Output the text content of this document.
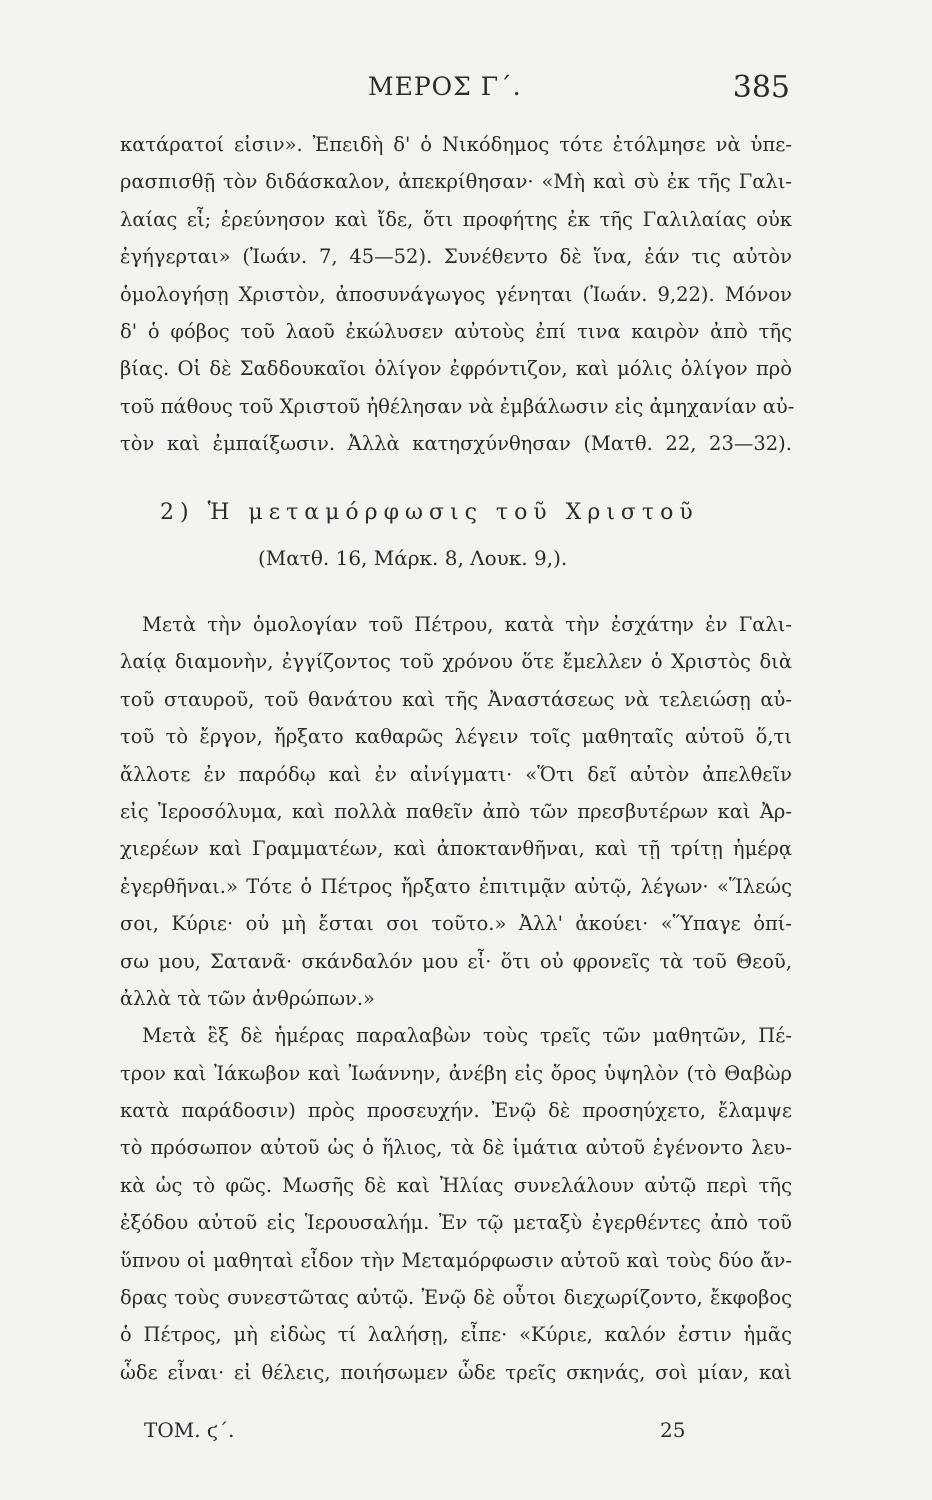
ΜΕΡΟΣ Γ΄.	385
κατάρατοί εἰσιν». Ἐπειδὴ δ' ὁ Νικόδημος τότε ἐτόλμησε νὰ ὑπε-
ρασπισθῇ τὸν διδάσκαλον, ἀπεκρίθησαν· «Μὴ καὶ σὺ ἐκ τῆς Γαλι-
λαίας εἶ; ἐρεύνησον καὶ ἴδε, ὅτι προφήτης ἐκ τῆς Γαλιλαίας οὐκ
ἐγήγερται» (Ἰωάν. 7, 45—52). Συνέθεντο δὲ ἵνα, ἐάν τις αὐτὸν
ὁμολογήσῃ Χριστὸν, ἀποσυνάγωγος γένηται (Ἰωάν. 9,22). Μόνον
δ' ὁ φόβος τοῦ λαοῦ ἐκώλυσεν αὐτοὺς ἐπί τινα καιρὸν ἀπὸ τῆς
βίας. Οἱ δὲ Σαδδουκαῖοι ὀλίγον ἐφρόντιζον, καὶ μόλις ὀλίγον πρὸ
τοῦ πάθους τοῦ Χριστοῦ ἠθέλησαν νὰ ἐμβάλωσιν εἰς ἀμηχανίαν αὐ-
τὸν καὶ ἐμπαίξωσιν. Ἀλλὰ κατησχύνθησαν (Ματθ. 22, 23—32).
2) Ἡ μεταμόρφωσις τοῦ Χριστοῦ
(Ματθ. 16, Μάρκ. 8, Λουκ. 9,).
Μετὰ τὴν ὁμολογίαν τοῦ Πέτρου, κατὰ τὴν ἐσχάτην ἐν Γαλι-
λαίᾳ διαμονὴν, ἐγγίζοντος τοῦ χρόνου ὅτε ἔμελλεν ὁ Χριστὸς διὰ
τοῦ σταυροῦ, τοῦ θανάτου καὶ τῆς Ἀναστάσεως νὰ τελειώσῃ αὐ-
τοῦ τὸ ἔργον, ἤρξατο καθαρῶς λέγειν τοῖς μαθηταῖς αὐτοῦ ὅ,τι
ἄλλοτε ἐν παρόδῳ καὶ ἐν αἰνίγματι· «Ὅτι δεῖ αὐτὸν ἀπελθεῖν
εἰς Ἱεροσόλυμα, καὶ πολλὰ παθεῖν ἀπὸ τῶν πρεσβυτέρων καὶ Ἀρ-
χιερέων καὶ Γραμματέων, καὶ ἀποκτανθῆναι, καὶ τῇ τρίτῃ ἡμέρᾳ
ἐγερθῆναι.» Τότε ὁ Πέτρος ἤρξατο ἐπιτιμᾷν αὐτῷ, λέγων· «Ἵλεώς
σοι, Κύριε· οὐ μὴ ἔσται σοι τοῦτο.» Ἀλλ' ἀκούει· «Ὕπαγε ὀπί-
σω μου, Σατανᾶ· σκάνδαλόν μου εἶ· ὅτι οὐ φρονεῖς τὰ τοῦ Θεοῦ,
ἀλλὰ τὰ τῶν ἀνθρώπων.»
Μετὰ ἓξ δὲ ἡμέρας παραλαβὼν τοὺς τρεῖς τῶν μαθητῶν, Πέ-
τρον καὶ Ἰάκωβον καὶ Ἰωάννην, ἀνέβη εἰς ὄρος ὑψηλὸν (τὸ Θαβὼρ
κατὰ παράδοσιν) πρὸς προσευχήν. Ἐνῷ δὲ προσηύχετο, ἔλαμψε
τὸ πρόσωπον αὐτοῦ ὡς ὁ ἥλιος, τὰ δὲ ἱμάτια αὐτοῦ ἐγένοντο λευ-
κὰ ὡς τὸ φῶς. Μωσῆς δὲ καὶ Ἠλίας συνελάλουν αὐτῷ περὶ τῆς
ἐξόδου αὐτοῦ εἰς Ἱερουσαλήμ. Ἐν τῷ μεταξὺ ἐγερθέντες ἀπὸ τοῦ
ὕπνου οἱ μαθηταὶ εἶδον τὴν Μεταμόρφωσιν αὐτοῦ καὶ τοὺς δύο ἄν-
δρας τοὺς συνεστῶτας αὐτῷ. Ἐνῷ δὲ οὗτοι διεχωρίζοντο, ἔκφοβος
ὁ Πέτρος, μὴ εἰδὼς τί λαλήσῃ, εἶπε· «Κύριε, καλόν ἐστιν ἡμᾶς
ὧδε εἶναι· εἰ θέλεις, ποιήσωμεν ὧδε τρεῖς σκηνάς, σοὶ μίαν, καὶ
ΤΟΜ. ϛ΄.	25
